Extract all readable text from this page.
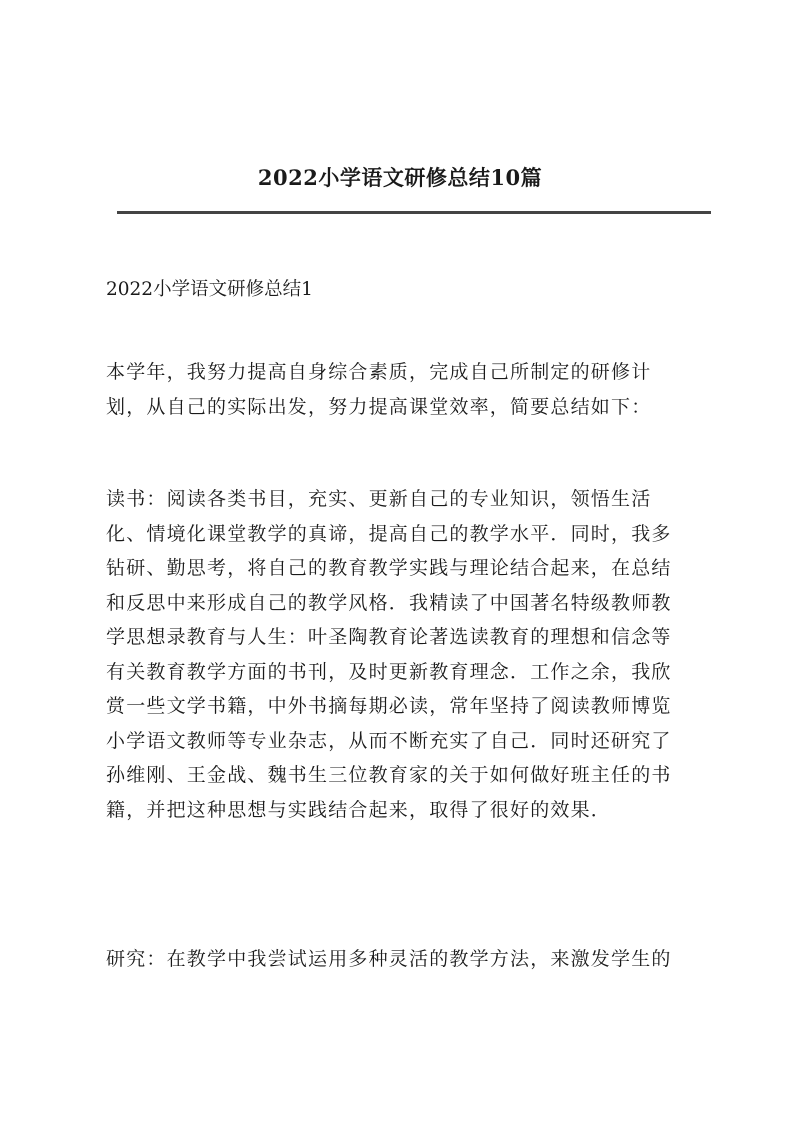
2022小学语文研修总结10篇
2022小学语文研修总结1
本学年，我努力提高自身综合素质，完成自己所制定的研修计
划，从自己的实际出发，努力提高课堂效率，简要总结如下：
读书：阅读各类书目，充实、更新自己的专业知识，领悟生活
化、情境化课堂教学的真谛，提高自己的教学水平．同时，我多
钻研、勤思考，将自己的教育教学实践与理论结合起来，在总结
和反思中来形成自己的教学风格．我精读了中国著名特级教师教
学思想录教育与人生：叶圣陶教育论著选读教育的理想和信念等
有关教育教学方面的书刊，及时更新教育理念．工作之余，我欣
赏一些文学书籍，中外书摘每期必读，常年坚持了阅读教师博览
小学语文教师等专业杂志，从而不断充实了自己．同时还研究了
孙维刚、王金战、魏书生三位教育家的关于如何做好班主任的书
籍，并把这种思想与实践结合起来，取得了很好的效果．
研究：在教学中我尝试运用多种灵活的教学方法，来激发学生的
